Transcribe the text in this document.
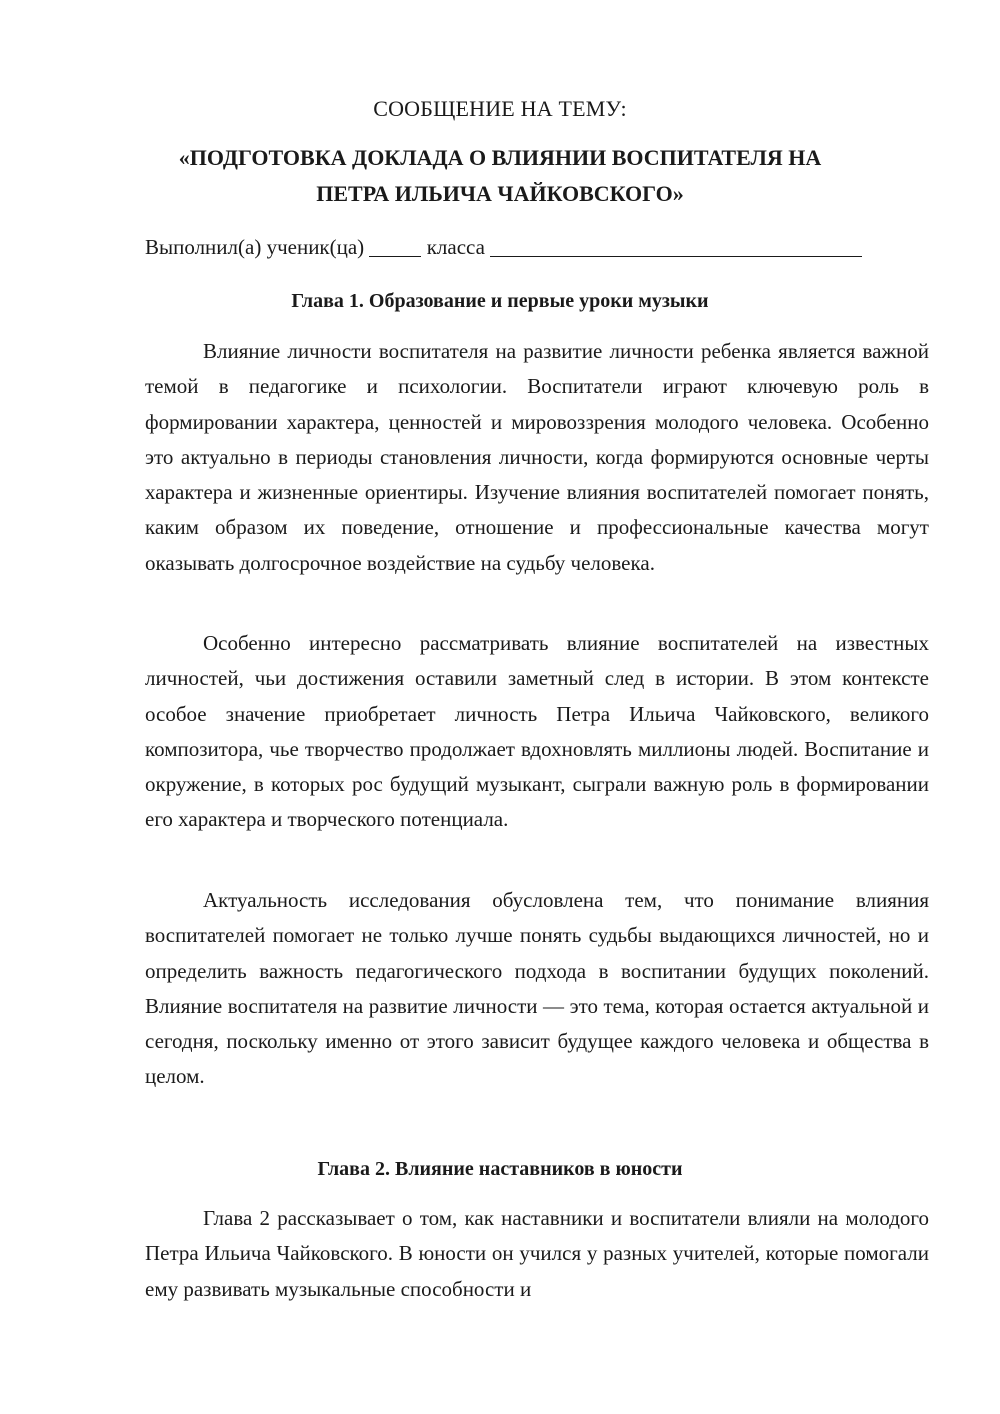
СООБЩЕНИЕ НА ТЕМУ:

«ПОДГОТОВКА ДОКЛАДА О ВЛИЯНИИ ВОСПИТАТЕЛЯ НА
ПЕТРА ИЛЬИЧА ЧАЙКОВСКОГО»

Выполнил(а) ученик(ца)	класса
Глава 1. Образование и первые уроки музыки

Влияние личности воспитателя на развитие личности ребенка является важной темой в педагогике и психологии. Воспитатели играют ключевую роль в формировании характера, ценностей и мировоззрения молодого человека. Особенно это актуально в периоды становления личности, когда формируются основные черты характера и жизненные ориентиры. Изучение влияния воспитателей помогает понять, каким образом их поведение, отношение и профессиональные качества могут оказывать долгосрочное воздействие на судьбу человека.

Особенно интересно рассматривать влияние воспитателей на известных личностей, чьи достижения оставили заметный след в истории. В этом контексте особое значение приобретает личность Петра Ильича Чайковского, великого композитора, чье творчество продолжает вдохновлять миллионы людей. Воспитание и окружение, в которых рос будущий музыкант, сыграли важную роль в формировании его характера и творческого потенциала.

Актуальность исследования обусловлена тем, что понимание влияния воспитателей помогает не только лучше понять судьбы выдающихся личностей, но и определить важность педагогического подхода в воспитании будущих поколений. Влияние воспитателя на развитие личности — это тема, которая остается актуальной и сегодня, поскольку именно от этого зависит будущее каждого человека и общества в целом.

Глава 2. Влияние наставников в юности

Глава 2 рассказывает о том, как наставники и воспитатели влияли на молодого Петра Ильича Чайковского. В юности он учился у разных учителей, которые помогали ему развивать музыкальные способности и
